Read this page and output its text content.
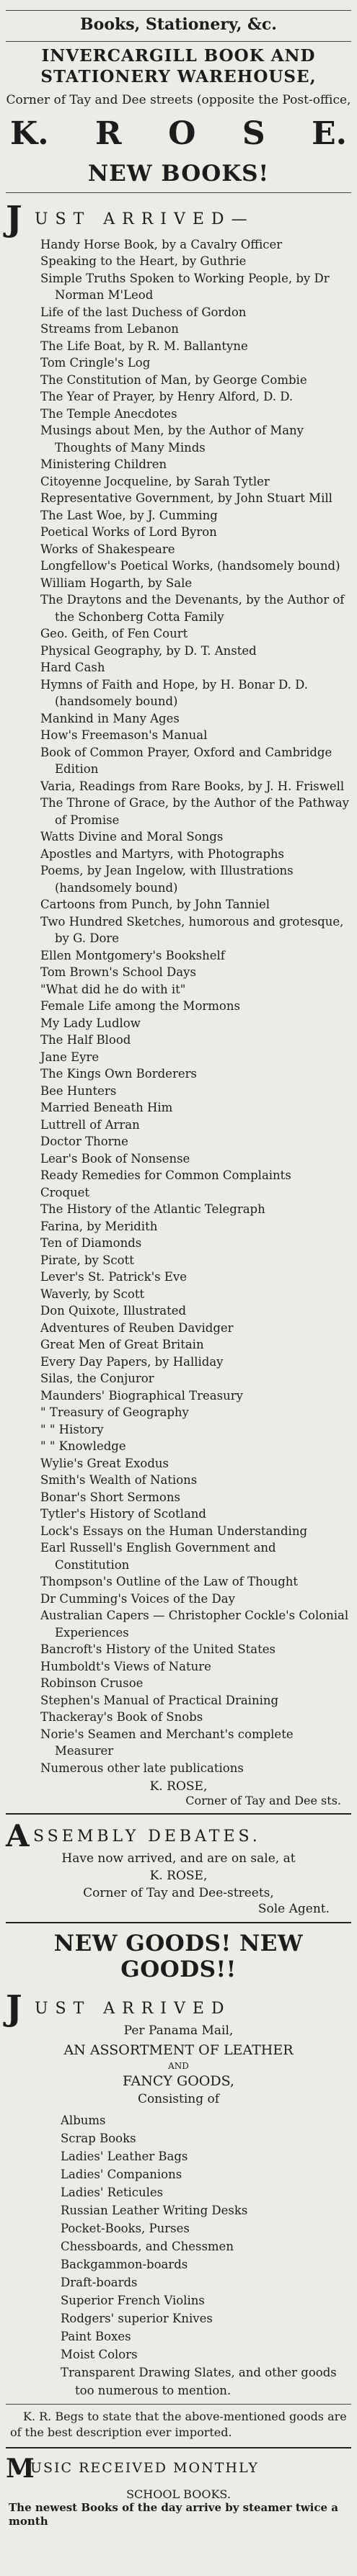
Books, Stationery, &c.
INVERCARGILL BOOK AND
STATIONERY WAREHOUSE,
Corner of Tay and Dee streets (opposite the Post-office,
K. R O S E.
NEW BOOKS!
J UST ARRIVED—
Handy Horse Book, by a Cavalry Officer
Speaking to the Heart, by Guthrie
Simple Truths Spoken to Working People, by Dr Norman M'Leod
Life of the last Duchess of Gordon
Streams from Lebanon
The Life Boat, by R. M. Ballantyne
Tom Cringle's Log
The Constitution of Man, by George Combie
The Year of Prayer, by Henry Alford, D. D.
The Temple Anecdotes
Musings about Men, by the Author of Many Thoughts of Many Minds
Ministering Children
Citoyenne Jocqueline, by Sarah Tytler
Representative Government, by John Stuart Mill
The Last Woe, by J. Cumming
Poetical Works of Lord Byron
Works of Shakespeare
Longfellow's Poetical Works, (handsomely bound)
William Hogarth, by Sale
The Draytons and the Devenants, by the Author of the Schonberg Cotta Family
Geo. Geith, of Fen Court
Physical Geography, by D. T. Ansted
Hard Cash
Hymns of Faith and Hope, by H. Bonar D. D. (handsomely bound)
Mankind in Many Ages
How's Freemason's Manual
Book of Common Prayer, Oxford and Cambridge Edition
Varia, Readings from Rare Books, by J. H. Friswell
The Throne of Grace, by the Author of the Pathway of Promise
Watts Divine and Moral Songs
Apostles and Martyrs, with Photographs
Poems, by Jean Ingelow, with Illustrations (handsomely bound)
Cartoons from Punch, by John Tanniel
Two Hundred Sketches, humorous and grotesque, by G. Dore
Ellen Montgomery's Bookshelf
Tom Brown's School Days
"What did he do with it"
Female Life among the Mormons
My Lady Ludlow
The Half Blood
Jane Eyre
The Kings Own Borderers
Bee Hunters
Married Beneath Him
Luttrell of Arran
Doctor Thorne
Lear's Book of Nonsense
Ready Remedies for Common Complaints
Croquet
The History of the Atlantic Telegraph
Farina, by Meridith
Ten of Diamonds
Pirate, by Scott
Lever's St. Patrick's Eve
Waverly, by Scott
Don Quixote, Illustrated
Adventures of Reuben Davidger
Great Men of Great Britain
Every Day Papers, by Halliday
Silas, the Conjuror
Maunders' Biographical Treasury
" Treasury of Geography
" " History
" " Knowledge
Wylie's Great Exodus
Smith's Wealth of Nations
Bonar's Short Sermons
Tytler's History of Scotland
Lock's Essays on the Human Understanding
Earl Russell's English Government and Constitution
Thompson's Outline of the Law of Thought
Dr Cumming's Voices of the Day
Australian Capers — Christopher Cockle's Colonial Experiences
Bancroft's History of the United States
Humboldt's Views of Nature
Robinson Crusoe
Stephen's Manual of Practical Draining
Thackeray's Book of Snobs
Norie's Seamen and Merchant's complete Measurer
Numerous other late publications
K. ROSE,
Corner of Tay and Dee sts.
A SSEMBLY DEBATES.
Have now arrived, and are on sale, at
K. ROSE,
Corner of Tay and Dee-streets,
Sole Agent.
NEW GOODS! NEW GOODS!!
J UST ARRIVED
Per Panama Mail,
AN ASSORTMENT OF LEATHER
AND
FANCY GOODS,
Consisting of
Albums
Scrap Books
Ladies' Leather Bags
Ladies' Companions
Ladies' Reticules
Russian Leather Writing Desks
Pocket-Books, Purses
Chessboards, and Chessmen
Backgammon-boards
Draft-boards
Superior French Violins
Rodgers' superior Knives
Paint Boxes
Moist Colors
Transparent Drawing Slates, and other goods too numerous to mention.
K. R. Begs to state that the above-mentioned goods are of the best description ever imported.
M
USIC RECEIVED MONTHLY
SCHOOL BOOKS.
The newest Books of the day arrive by steamer twice a month
